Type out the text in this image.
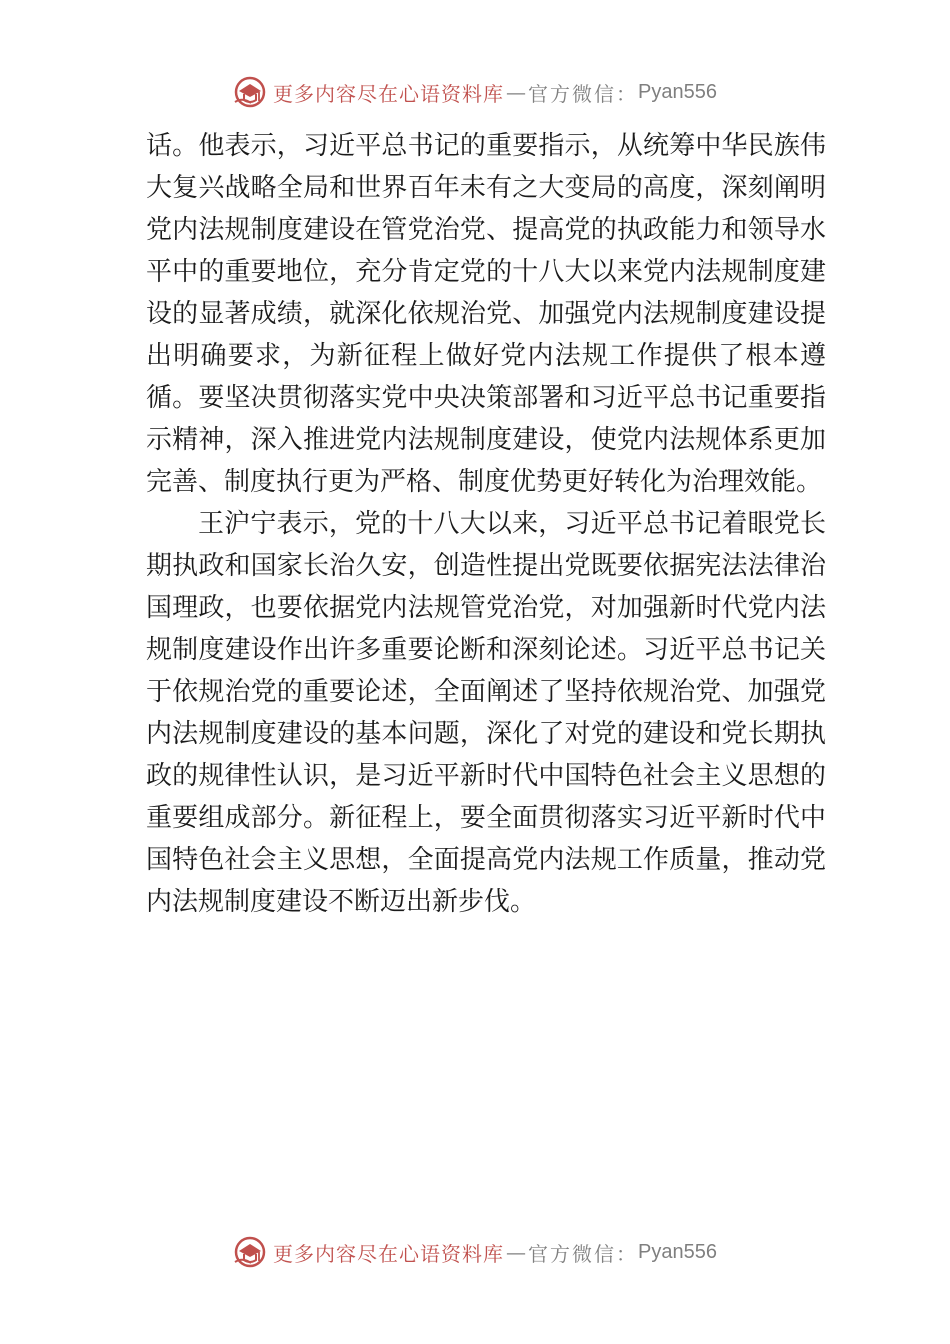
更多内容尽在心语资料库 — 官方微信： Pyan556

话。他表示，习近平总书记的重要指示，从统筹中华民族伟大复兴战略全局和世界百年未有之大变局的高度，深刻阐明党内法规制度建设在管党治党、提高党的执政能力和领导水平中的重要地位，充分肯定党的十八大以来党内法规制度建设的显著成绩，就深化依规治党、加强党内法规制度建设提出明确要求，为新征程上做好党内法规工作提供了根本遵循。要坚决贯彻落实党中央决策部署和习近平总书记重要指示精神，深入推进党内法规制度建设，使党内法规体系更加完善、制度执行更为严格、制度优势更好转化为治理效能。

王沪宁表示，党的十八大以来，习近平总书记着眼党长期执政和国家长治久安，创造性提出党既要依据宪法法律治国理政，也要依据党内法规管党治党，对加强新时代党内法规制度建设作出许多重要论断和深刻论述。习近平总书记关于依规治党的重要论述，全面阐述了坚持依规治党、加强党内法规制度建设的基本问题，深化了对党的建设和党长期执政的规律性认识，是习近平新时代中国特色社会主义思想的重要组成部分。新征程上，要全面贯彻落实习近平新时代中国特色社会主义思想，全面提高党内法规工作质量，推动党内法规制度建设不断迈出新步伐。

更多内容尽在心语资料库 — 官方微信： Pyan556
